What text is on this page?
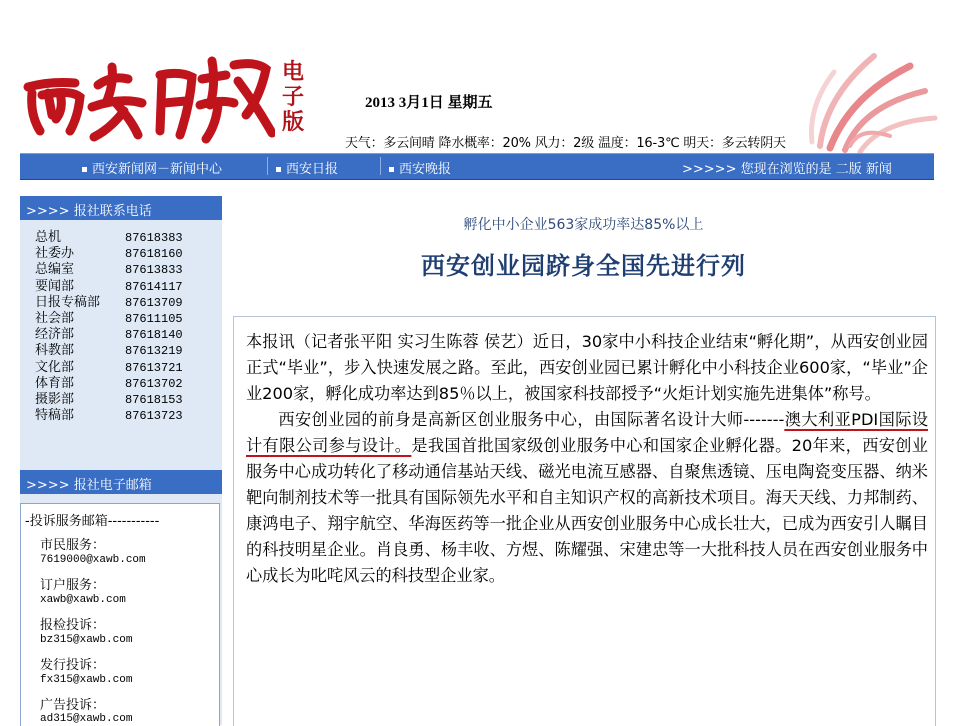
电子版
2013 3月1日 星期五
天气：多云间晴 降水概率：20% 风力：2级 温度：16-3℃ 明天：多云转阴天
西安新闻网－新闻中心	西安日报	西安晚报	>>>>> 您现在浏览的是 二版 新闻
>>>> 报社联系电话
总机	87618383
社委办	87618160
总编室	87613833
要闻部	87614117
日报专稿部 87613709
社会部	87611105
经济部	87618140
科教部	87613219
文化部	87613721
体育部	87613702
摄影部	87618153
特稿部	87613723
>>>> 报社电子邮箱
-投诉服务邮箱-----------
市民服务：
7619000@xawb.com
订户服务：
xawb@xawb.com
报检投诉：
bz315@xawb.com
发行投诉：
fx315@xawb.com
广告投诉：
ad315@xawb.com
孵化中小企业563家成功率达85%以上
西安创业园跻身全国先进行列

本报讯（记者张平阳 实习生陈蓉 侯艺）近日，30家中小科技企业结束“孵化期”，从西安创业园正式“毕业”，步入快速发展之路。至此，西安创业园已累计孵化中小科技企业600家，“毕业”企业200家，孵化成功率达到85％以上，被国家科技部授予“火炬计划实施先进集体”称号。

西安创业园的前身是高新区创业服务中心，由国际著名设计大师-------澳大利亚PDI国际设计有限公司参与设计。是我国首批国家级创业服务中心和国家企业孵化器。20年来，西安创业服务中心成功转化了移动通信基站天线、磁光电流互感器、自聚焦透镜、压电陶瓷变压器、纳米靶向制剂技术等一批具有国际领先水平和自主知识产权的高新技术项目。海天天线、力邦制药、康鸿电子、翔宇航空、华海医药等一批企业从西安创业服务中心成长壮大，已成为西安引人瞩目的科技明星企业。肖良勇、杨丰收、方煜、陈耀强、宋建忠等一大批科技人员在西安创业服务中心成长为叱咤风云的科技型企业家。
